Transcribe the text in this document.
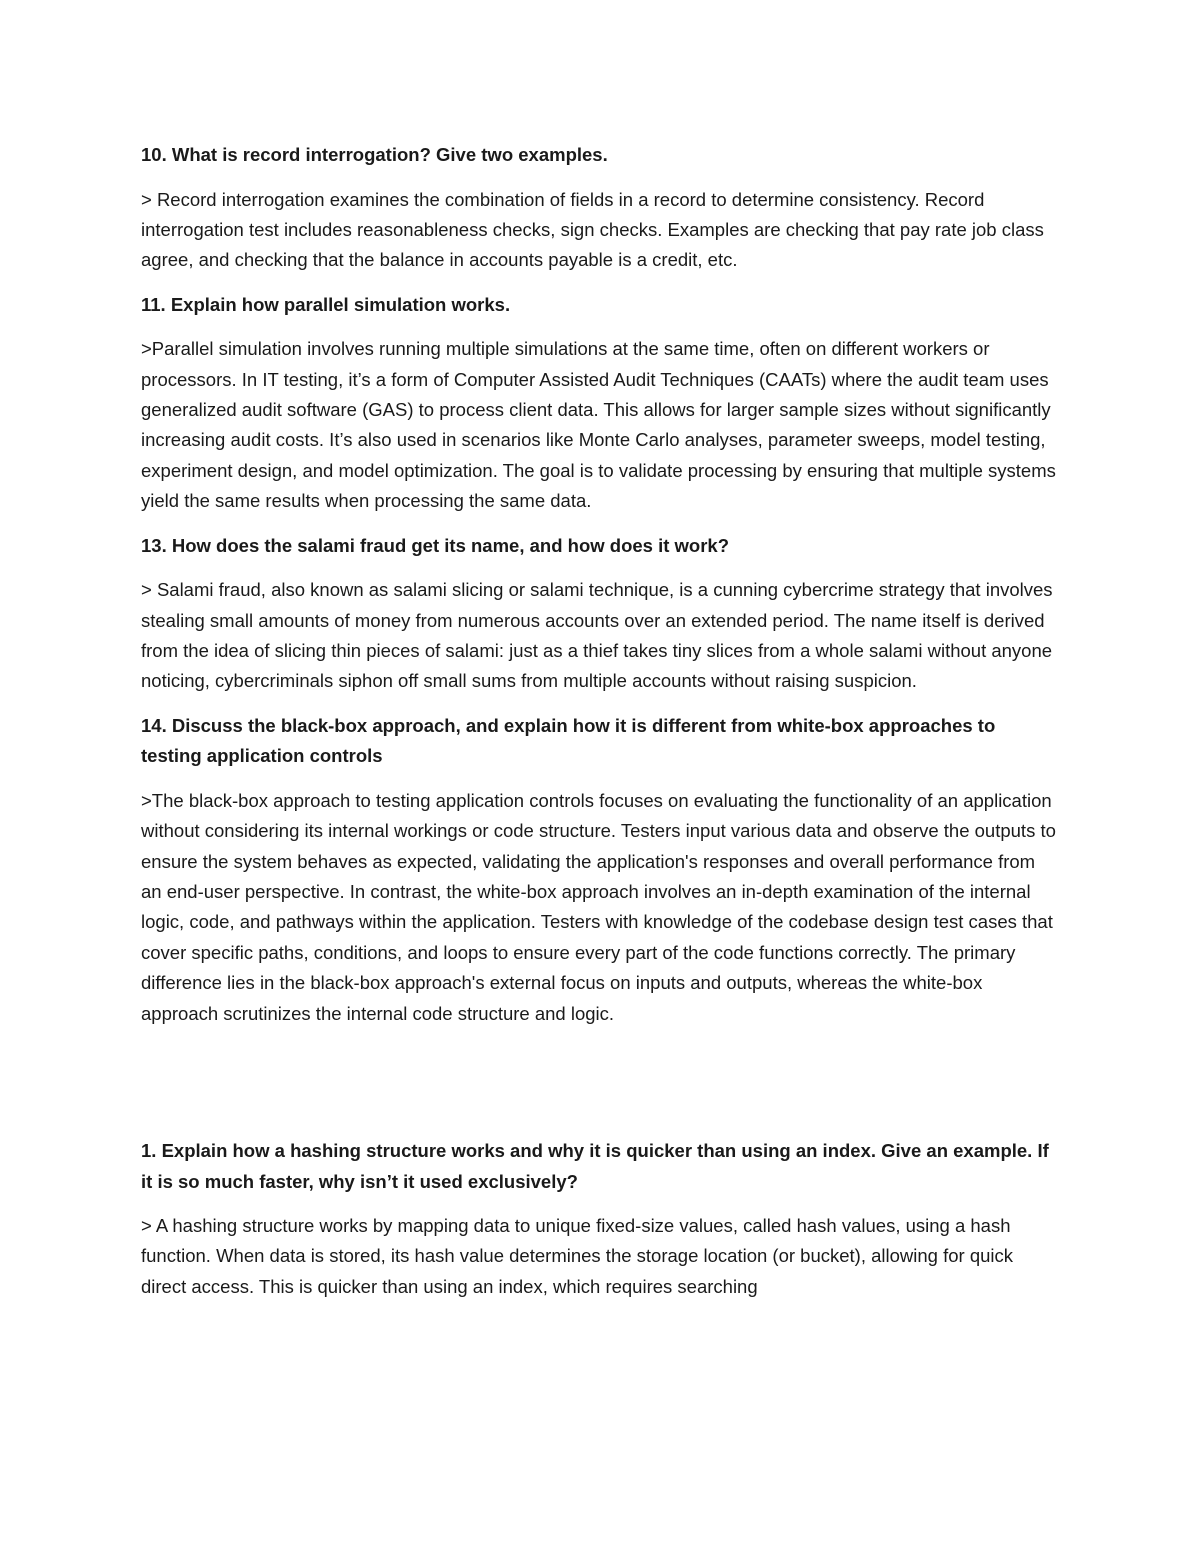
10. What is record interrogation? Give two examples.

> Record interrogation examines the combination of fields in a record to determine consistency. Record interrogation test includes reasonableness checks, sign checks. Examples are checking that pay rate job class agree, and checking that the balance in accounts payable is a credit, etc.

11. Explain how parallel simulation works.

>Parallel simulation involves running multiple simulations at the same time, often on different workers or processors. In IT testing, it’s a form of Computer Assisted Audit Techniques (CAATs) where the audit team uses generalized audit software (GAS) to process client data. This allows for larger sample sizes without significantly increasing audit costs. It’s also used in scenarios like Monte Carlo analyses, parameter sweeps, model testing, experiment design, and model optimization. The goal is to validate processing by ensuring that multiple systems yield the same results when processing the same data.

13. How does the salami fraud get its name, and how does it work?

> Salami fraud, also known as salami slicing or salami technique, is a cunning cybercrime strategy that involves stealing small amounts of money from numerous accounts over an extended period. The name itself is derived from the idea of slicing thin pieces of salami: just as a thief takes tiny slices from a whole salami without anyone noticing, cybercriminals siphon off small sums from multiple accounts without raising suspicion.

14. Discuss the black-box approach, and explain how it is different from white-box approaches to testing application controls

>The black-box approach to testing application controls focuses on evaluating the functionality of an application without considering its internal workings or code structure. Testers input various data and observe the outputs to ensure the system behaves as expected, validating the application's responses and overall performance from an end-user perspective. In contrast, the white-box approach involves an in-depth examination of the internal logic, code, and pathways within the application. Testers with knowledge of the codebase design test cases that cover specific paths, conditions, and loops to ensure every part of the code functions correctly. The primary difference lies in the black-box approach's external focus on inputs and outputs, whereas the white-box approach scrutinizes the internal code structure and logic.

1. Explain how a hashing structure works and why it is quicker than using an index. Give an example. If it is so much faster, why isn’t it used exclusively?

> A hashing structure works by mapping data to unique fixed-size values, called hash values, using a hash function. When data is stored, its hash value determines the storage location (or bucket), allowing for quick direct access. This is quicker than using an index, which requires searching
